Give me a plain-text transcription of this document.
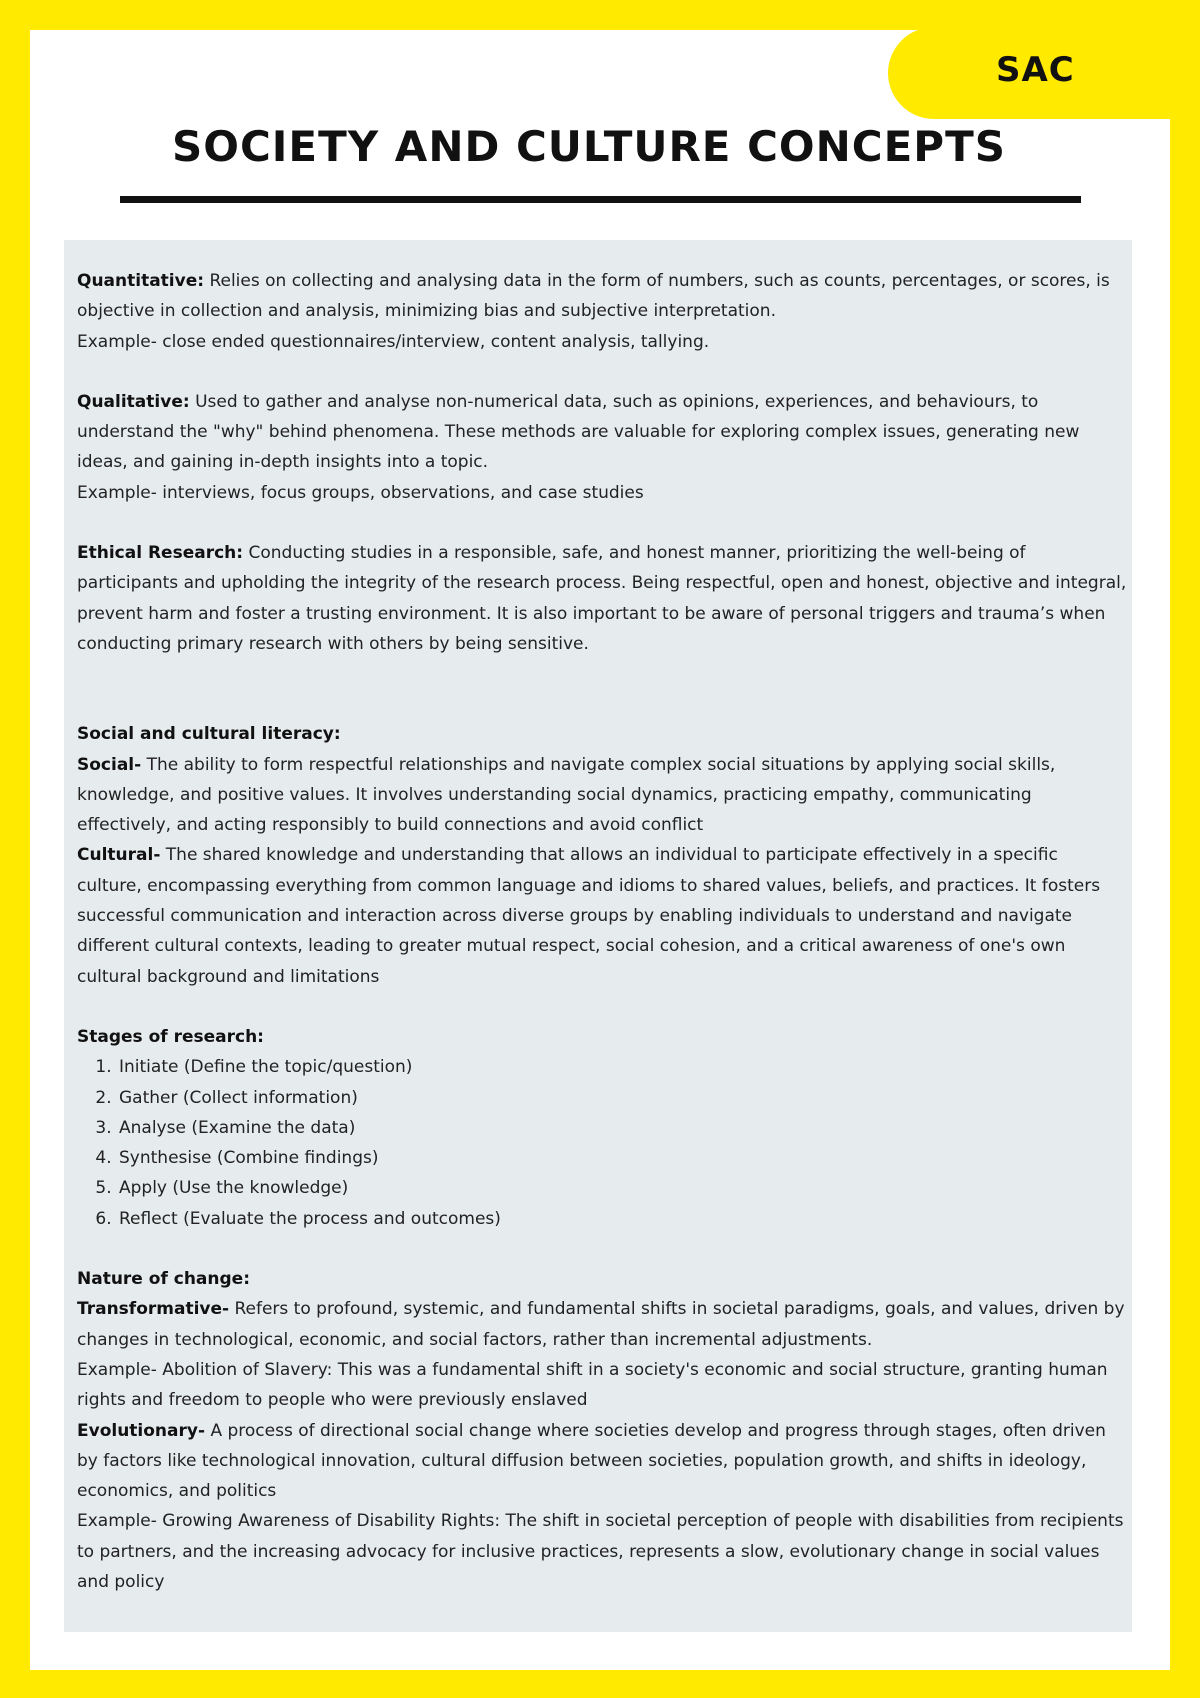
SAC
SOCIETY AND CULTURE CONCEPTS

Quantitative: Relies on collecting and analysing data in the form of numbers, such as counts, percentages, or scores, is objective in collection and analysis, minimizing bias and subjective interpretation.

Example- close ended questionnaires/interview, content analysis, tallying.

Qualitative: Used to gather and analyse non-numerical data, such as opinions, experiences, and behaviours, to understand the "why" behind phenomena. These methods are valuable for exploring complex issues, generating new ideas, and gaining in-depth insights into a topic.

Example- interviews, focus groups, observations, and case studies

Ethical Research: Conducting studies in a responsible, safe, and honest manner, prioritizing the well-being of participants and upholding the integrity of the research process. Being respectful, open and honest, objective and integral, prevent harm and foster a trusting environment. It is also important to be aware of personal triggers and trauma’s when conducting primary research with others by being sensitive.

Social and cultural literacy:

Social- The ability to form respectful relationships and navigate complex social situations by applying social skills, knowledge, and positive values. It involves understanding social dynamics, practicing empathy, communicating effectively, and acting responsibly to build connections and avoid conflict

Cultural- The shared knowledge and understanding that allows an individual to participate effectively in a specific culture, encompassing everything from common language and idioms to shared values, beliefs, and practices. It fosters successful communication and interaction across diverse groups by enabling individuals to understand and navigate different cultural contexts, leading to greater mutual respect, social cohesion, and a critical awareness of one's own cultural background and limitations

Stages of research:

1. Initiate (Define the topic/question)
2. Gather (Collect information)
3. Analyse (Examine the data)
4. Synthesise (Combine findings)
5. Apply (Use the knowledge)
6. Reflect (Evaluate the process and outcomes)

Nature of change:

Transformative- Refers to profound, systemic, and fundamental shifts in societal paradigms, goals, and values, driven by changes in technological, economic, and social factors, rather than incremental adjustments.

Example- Abolition of Slavery: This was a fundamental shift in a society's economic and social structure, granting human rights and freedom to people who were previously enslaved

Evolutionary- A process of directional social change where societies develop and progress through stages, often driven by factors like technological innovation, cultural diffusion between societies, population growth, and shifts in ideology, economics, and politics

Example- Growing Awareness of Disability Rights: The shift in societal perception of people with disabilities from recipients to partners, and the increasing advocacy for inclusive practices, represents a slow, evolutionary change in social values and policy
